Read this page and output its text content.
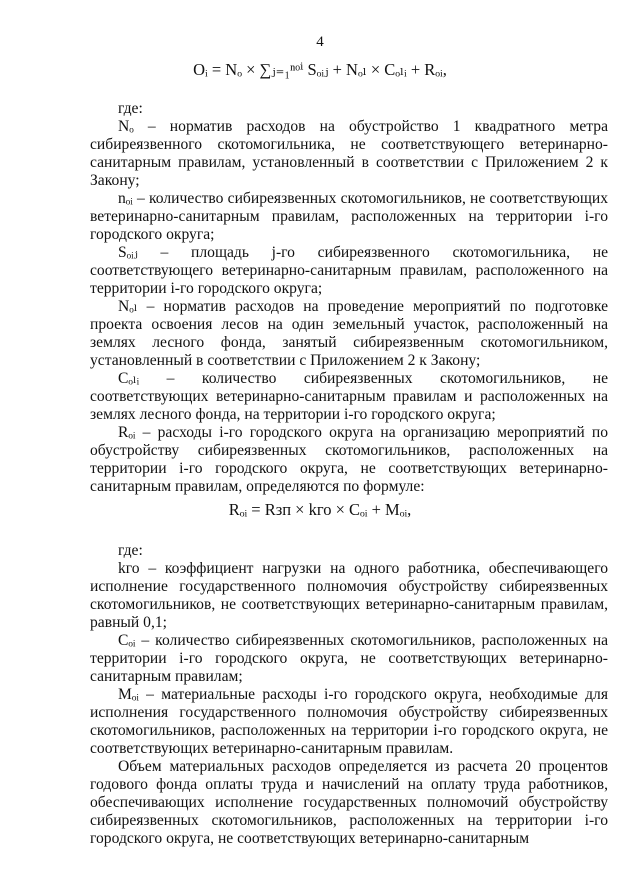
4
Oᵢ = Nₒ × ∑ⱼ₌₁ⁿᵒⁱ Sₒᵢⱼ + Nₒₗ × Cₒₗᵢ + Rₒᵢ,

где:

Nₒ – норматив расходов на обустройство 1 квадратного метра сибиреязвенного скотомогильника, не соответствующего ветеринарно-санитарным правилам, установленный в соответствии с Приложением 2 к Закону;

nₒᵢ – количество сибиреязвенных скотомогильников, не соответствующих ветеринарно-санитарным правилам, расположенных на территории i-го городского округа;

Sₒᵢⱼ – площадь j-го сибиреязвенного скотомогильника, не соответствующего ветеринарно-санитарным правилам, расположенного на территории i-го городского округа;

Nₒₗ – норматив расходов на проведение мероприятий по подготовке проекта освоения лесов на один земельный участок, расположенный на землях лесного фонда, занятый сибиреязвенным скотомогильником, установленный в соответствии с Приложением 2 к Закону;

Cₒₗᵢ – количество сибиреязвенных скотомогильников, не соответствующих ветеринарно-санитарным правилам и расположенных на землях лесного фонда, на территории i-го городского округа;

Rₒᵢ – расходы i-го городского округа на организацию мероприятий по обустройству сибиреязвенных скотомогильников, расположенных на территории i-го городского округа, не соответствующих ветеринарно-санитарным правилам, определяются по формуле:

где:

kго – коэффициент нагрузки на одного работника, обеспечивающего исполнение государственного полномочия обустройству сибиреязвенных скотомогильников, не соответствующих ветеринарно-санитарным правилам, равный 0,1;

Cₒᵢ – количество сибиреязвенных скотомогильников, расположенных на территории i-го городского округа, не соответствующих ветеринарно-санитарным правилам;

Mₒᵢ – материальные расходы i-го городского округа, необходимые для исполнения государственного полномочия обустройству сибиреязвенных скотомогильников, расположенных на территории i-го городского округа, не соответствующих ветеринарно-санитарным правилам.

Объем материальных расходов определяется из расчета 20 процентов годового фонда оплаты труда и начислений на оплату труда работников, обеспечивающих исполнение государственных полномочий обустройству сибиреязвенных скотомогильников, расположенных на территории i-го городского округа, не соответствующих ветеринарно-санитарным

Rₒᵢ = Rзп × kго × Cₒᵢ + Mₒᵢ,
